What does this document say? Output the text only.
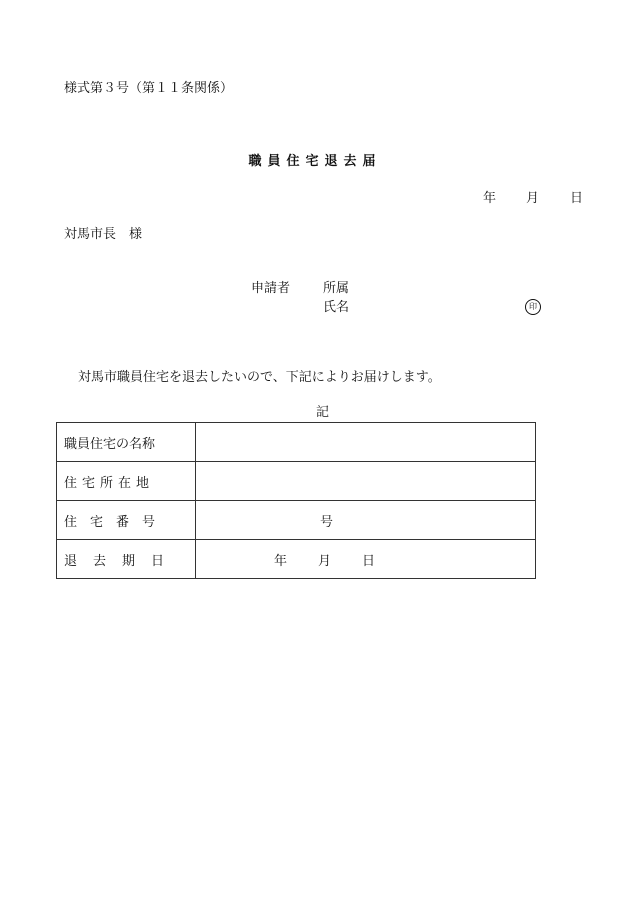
様式第３号（第１１条関係）
職員住宅退去届
年 月 日
対馬市長　様
申請者	所属
氏名	印
対馬市職員住宅を退去したいので、下記によりお届けします。
記
職員住宅の名称	
住宅所在地	
住宅番号	号
退去期日	年 月 日
